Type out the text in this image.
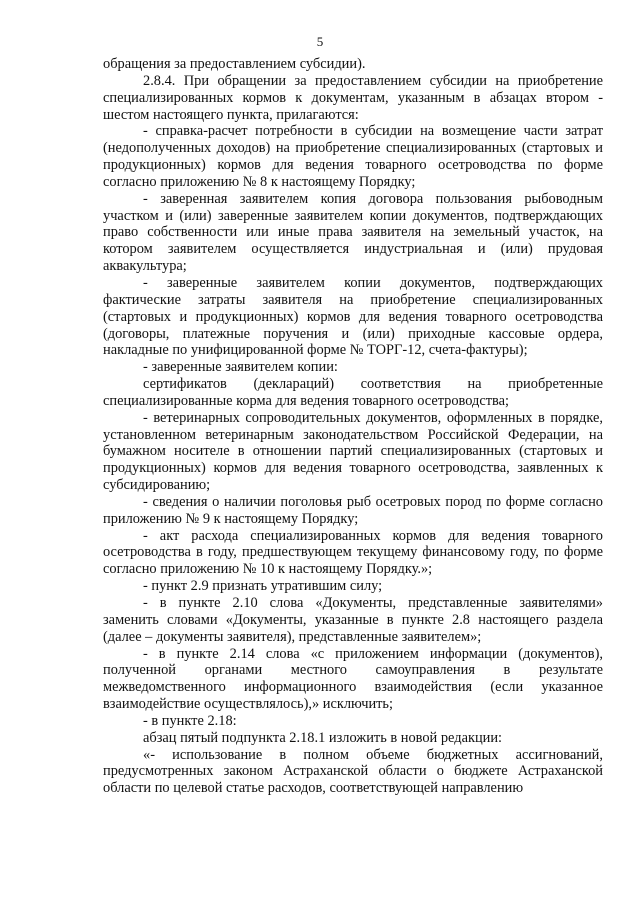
5

обращения за предоставлением субсидии).

2.8.4. При обращении за предоставлением субсидии на приобретение специализированных кормов к документам, указанным в абзацах втором - шестом настоящего пункта, прилагаются:

- справка-расчет потребности в субсидии на возмещение части затрат (недополученных доходов) на приобретение специализированных (стартовых и продукционных) кормов для ведения товарного осетроводства по форме согласно приложению № 8 к настоящему Порядку;

- заверенная заявителем копия договора пользования рыбоводным участком и (или) заверенные заявителем копии документов, подтверждающих право собственности или иные права заявителя на земельный участок, на котором заявителем осуществляется индустриальная и (или) прудовая аквакультура;

- заверенные заявителем копии документов, подтверждающих фактические затраты заявителя на приобретение специализированных (стартовых и продукционных) кормов для ведения товарного осетроводства (договоры, платежные поручения и (или) приходные кассовые ордера, накладные по унифицированной форме № ТОРГ-12, счета-фактуры);

- заверенные заявителем копии:

сертификатов (деклараций) соответствия на приобретенные специализированные корма для ведения товарного осетроводства;

- ветеринарных сопроводительных документов, оформленных в порядке, установленном ветеринарным законодательством Российской Федерации, на бумажном носителе в отношении партий специализированных (стартовых и продукционных) кормов для ведения товарного осетроводства, заявленных к субсидированию;

- сведения о наличии поголовья рыб осетровых пород по форме согласно приложению № 9 к настоящему Порядку;

- акт расхода специализированных кормов для ведения товарного осетроводства в году, предшествующем текущему финансовому году, по форме согласно приложению № 10 к настоящему Порядку.»;

- пункт 2.9 признать утратившим силу;

- в пункте 2.10 слова «Документы, представленные заявителями» заменить словами «Документы, указанные в пункте 2.8 настоящего раздела (далее – документы заявителя), представленные заявителем»;

- в пункте 2.14 слова «с приложением информации (документов), полученной органами местного самоуправления в результате межведомственного информационного взаимодействия (если указанное взаимодействие осуществлялось),» исключить;

- в пункте 2.18:

абзац пятый подпункта 2.18.1 изложить в новой редакции:

«- использование в полном объеме бюджетных ассигнований, предусмотренных законом Астраханской области о бюджете Астраханской области по целевой статье расходов, соответствующей направлению
